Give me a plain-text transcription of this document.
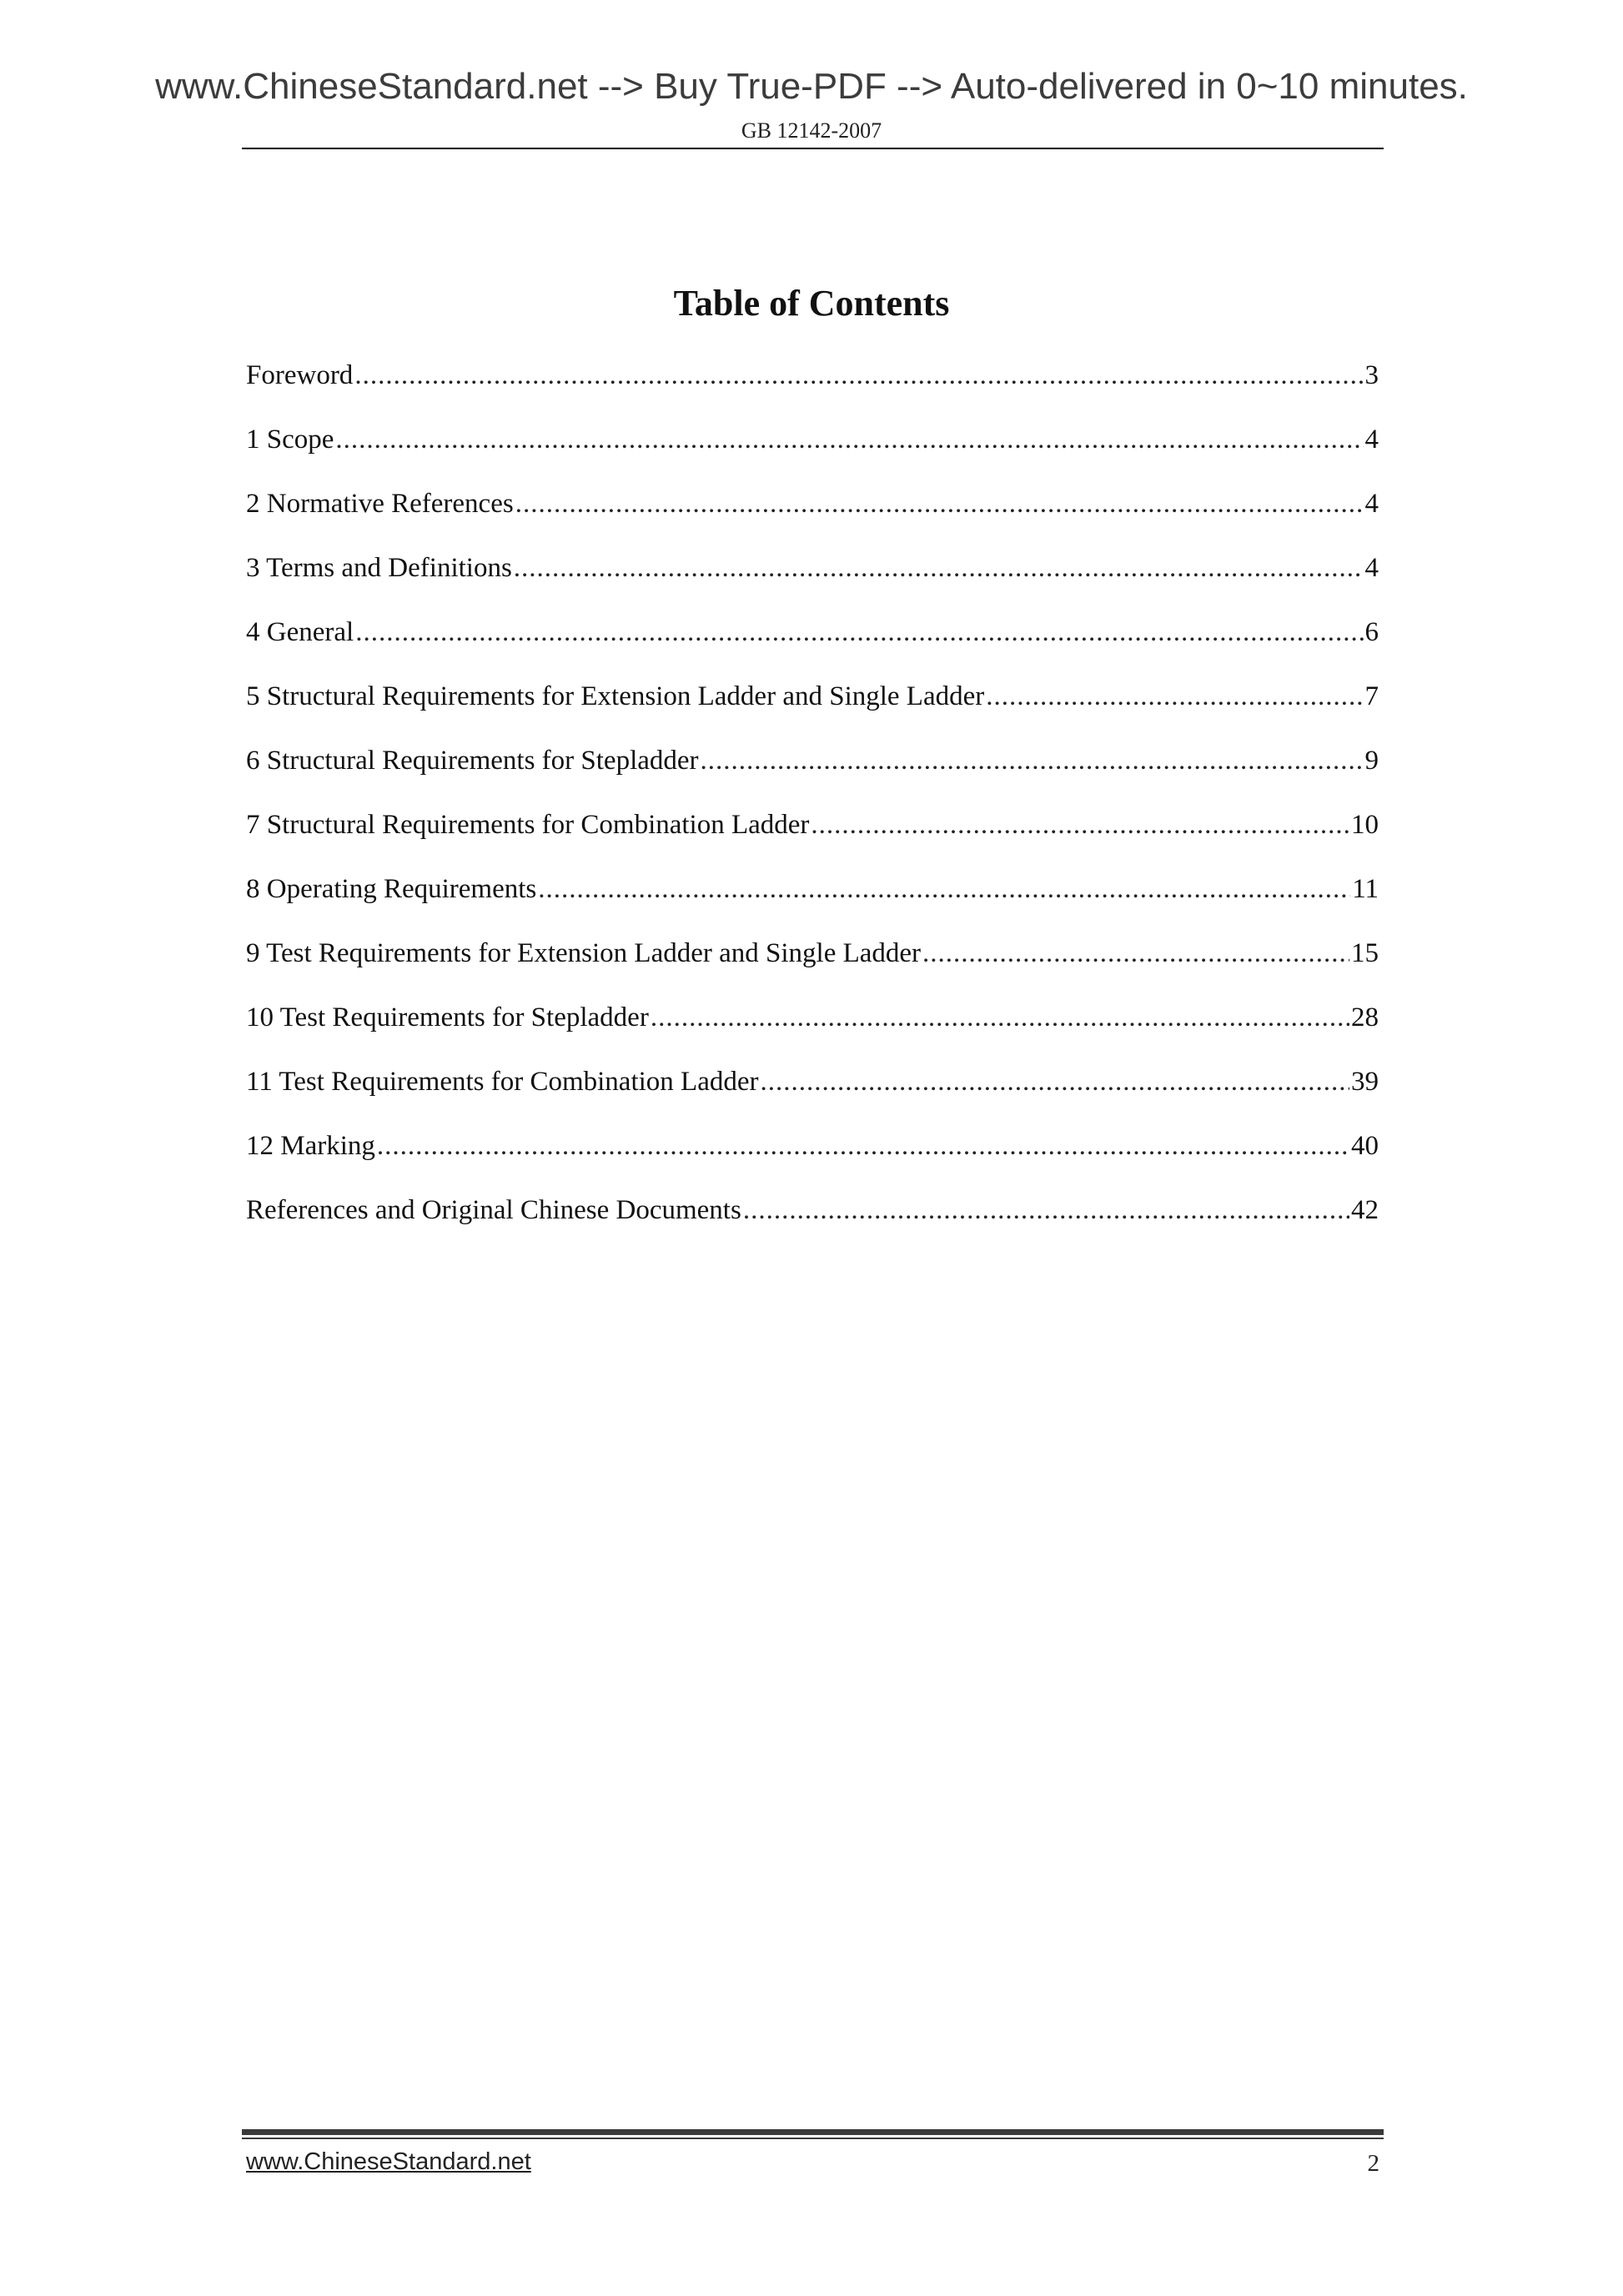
www.ChineseStandard.net --> Buy True-PDF --> Auto-delivered in 0~10 minutes.
GB 12142-2007
Table of Contents
Foreword .....	3
1 Scope .....	4
2 Normative References .....	4
3 Terms and Definitions .....	4
4 General .....	6
5 Structural Requirements for Extension Ladder and Single Ladder .....	7
6 Structural Requirements for Stepladder .....	9
7 Structural Requirements for Combination Ladder .....	10
8 Operating Requirements .....	11
9 Test Requirements for Extension Ladder and Single Ladder .....	15
10 Test Requirements for Stepladder .....	28
11 Test Requirements for Combination Ladder .....	39
12 Marking .....	40
References and Original Chinese Documents .....	42
www.ChineseStandard.net	2
